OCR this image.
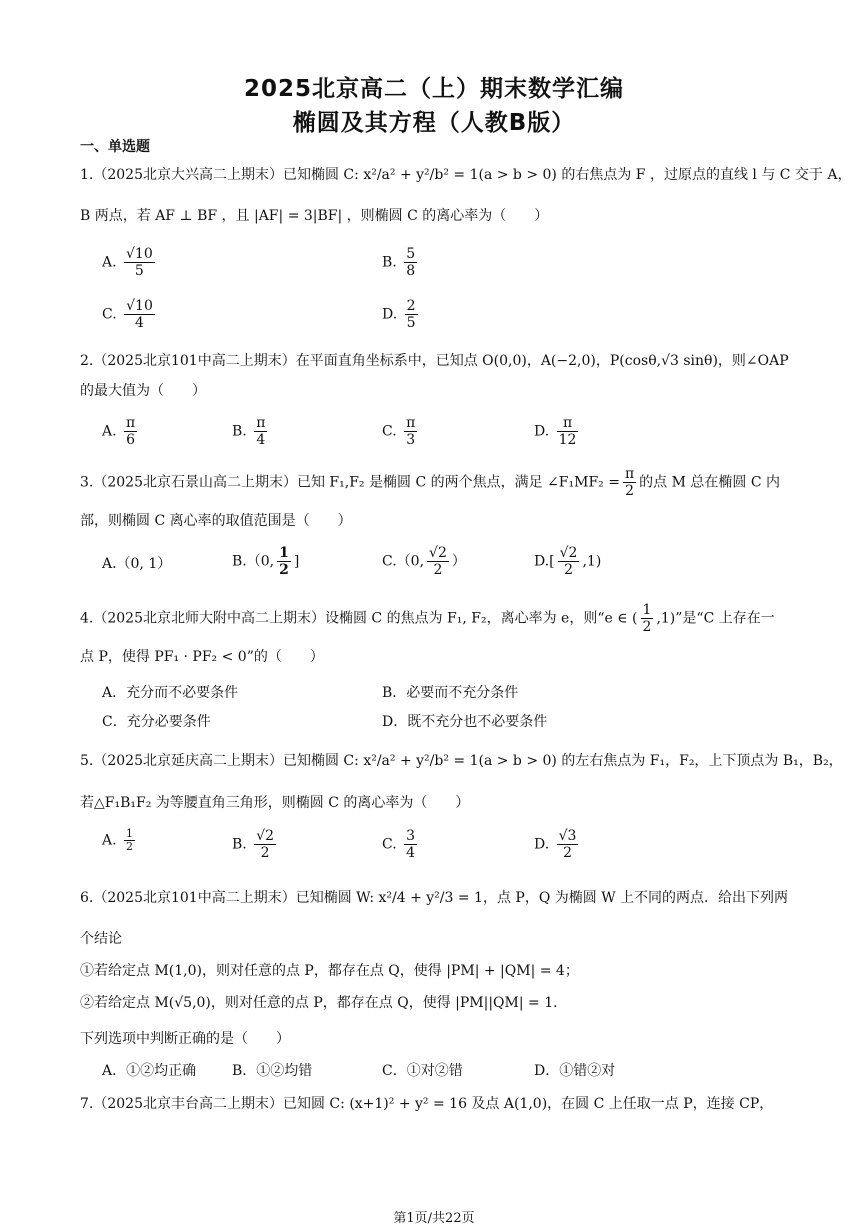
2025北京高二（上）期末数学汇编
椭圆及其方程（人教B版）
一、单选题
1.（2025北京大兴高二上期末）已知椭圆 C: x²/a² + y²/b² = 1(a > b > 0) 的右焦点为 F ，过原点的直线 l 与 C 交于 A，
B 两点，若 AF ⊥ BF ，且 |AF| = 3|BF| ，则椭圆 C 的离心率为（　　）
A. $\frac{√10}{5}$	B. $\frac{5}{8}$
C. $\frac{√10}{4}$	D. $\frac{2}{5}$
2.（2025北京101中高二上期末）在平面直角坐标系中，已知点 O(0,0)，A(−2,0)，P(cosθ,√3 sinθ)，则∠OAP
的最大值为（　　）
A. $\frac{\pi}{6}$	B. $\frac{\pi}{4}$	C. $\frac{\pi}{3}$	D. $\frac{\pi}{12}$
3.（2025北京石景山高二上期末）已知 F₁,F₂ 是椭圆 C 的两个焦点，满足 ∠F₁MF₂ = $\frac{\pi}{2}$ 的点 M 总在椭圆 C 内
部，则椭圆 C 离心率的取值范围是（　　）
A.（0, 1）	B.（0, $\frac{1}{2}$ ]	C.（0, $\frac{√2}{2}$ ）	$D.[ \frac{√2}{2} ,1)$
4.（2025北京北师大附中高二上期末）设椭圆 C 的焦点为 F₁, F₂，离心率为 e，则“e ∈ ( $\frac{1}{2} ,1$)”是“C 上存在一
点 P，使得 PF₁ · PF₂ < 0”的（　　）
A．充分而不必要条件	B．必要而不充分条件
C．充分必要条件	D．既不充分也不必要条件
5.（2025北京延庆高二上期末）已知椭圆 C: x²/a² + y²/b² = 1(a > b > 0) 的左右焦点为 F₁，F₂，上下顶点为 B₁，B₂，
若△F₁B₁F₂ 为等腰直角三角形，则椭圆 C 的离心率为（　　）
A. $\frac{1}{2}$	B. $\frac{√2}{2}$	C. $\frac{3}{4}$	D. $\frac{√3}{2}$
6.（2025北京101中高二上期末）已知椭圆 W: x²/4 + y²/3 = 1，点 P，Q 为椭圆 W 上不同的两点．给出下列两
个结论
①若给定点 M(1,0)，则对任意的点 P，都存在点 Q，使得 |PM| + |QM| = 4；
②若给定点 M(√5,0)，则对任意的点 P，都存在点 Q，使得 |PM||QM| = 1．
下列选项中判断正确的是（　　）
A．①②均正确	B．①②均错	C．①对②错	D．①错②对
7.（2025北京丰台高二上期末）已知圆 C: (x+1)² + y² = 16 及点 A(1,0)，在圆 C 上任取一点 P，连接 CP，
第1页/共22页
